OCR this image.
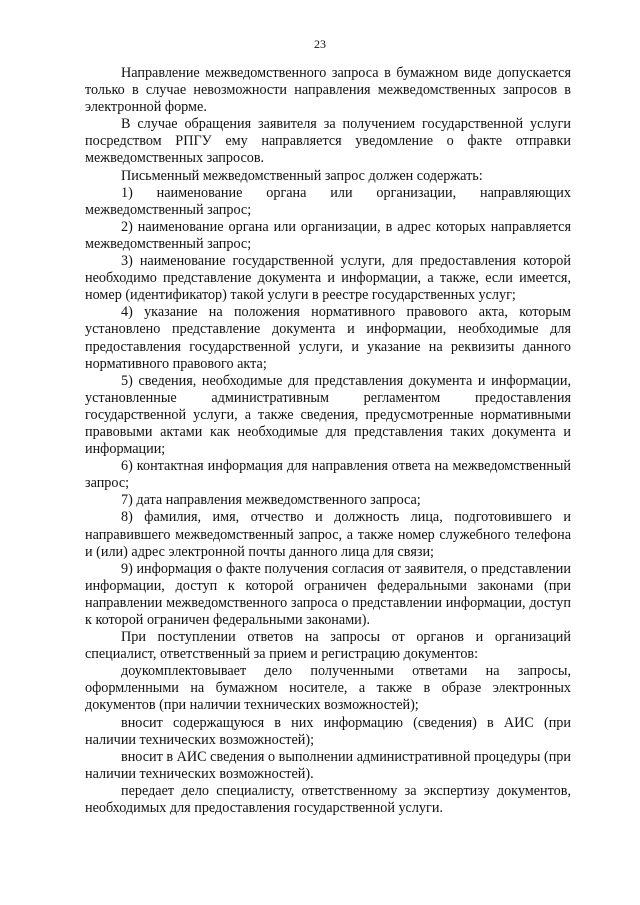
23

Направление межведомственного запроса в бумажном виде допускается только в случае невозможности направления межведомственных запросов в электронной форме.

В случае обращения заявителя за получением государственной услуги посредством РПГУ ему направляется уведомление о факте отправки межведомственных запросов.

Письменный межведомственный запрос должен содержать:

1) наименование органа или организации, направляющих межведомственный запрос;

2) наименование органа или организации, в адрес которых направляется межведомственный запрос;

3) наименование государственной услуги, для предоставления которой необходимо представление документа и информации, а также, если имеется, номер (идентификатор) такой услуги в реестре государственных услуг;

4) указание на положения нормативного правового акта, которым установлено представление документа и информации, необходимые для предоставления государственной услуги, и указание на реквизиты данного нормативного правового акта;

5) сведения, необходимые для представления документа и информации, установленные административным регламентом предоставления государственной услуги, а также сведения, предусмотренные нормативными правовыми актами как необходимые для представления таких документа и информации;

6) контактная информация для направления ответа на межведомственный запрос;

7) дата направления межведомственного запроса;

8) фамилия, имя, отчество и должность лица, подготовившего и направившего межведомственный запрос, а также номер служебного телефона и (или) адрес электронной почты данного лица для связи;

9) информация о факте получения согласия от заявителя, о представлении информации, доступ к которой ограничен федеральными законами (при направлении межведомственного запроса о представлении информации, доступ к которой ограничен федеральными законами).

При поступлении ответов на запросы от органов и организаций специалист, ответственный за прием и регистрацию документов:

доукомплектовывает дело полученными ответами на запросы, оформленными на бумажном носителе, а также в образе электронных документов (при наличии технических возможностей);

вносит содержащуюся в них информацию (сведения) в АИС (при наличии технических возможностей);

вносит в АИС сведения о выполнении административной процедуры (при наличии технических возможностей).

передает дело специалисту, ответственному за экспертизу документов, необходимых для предоставления государственной услуги.
